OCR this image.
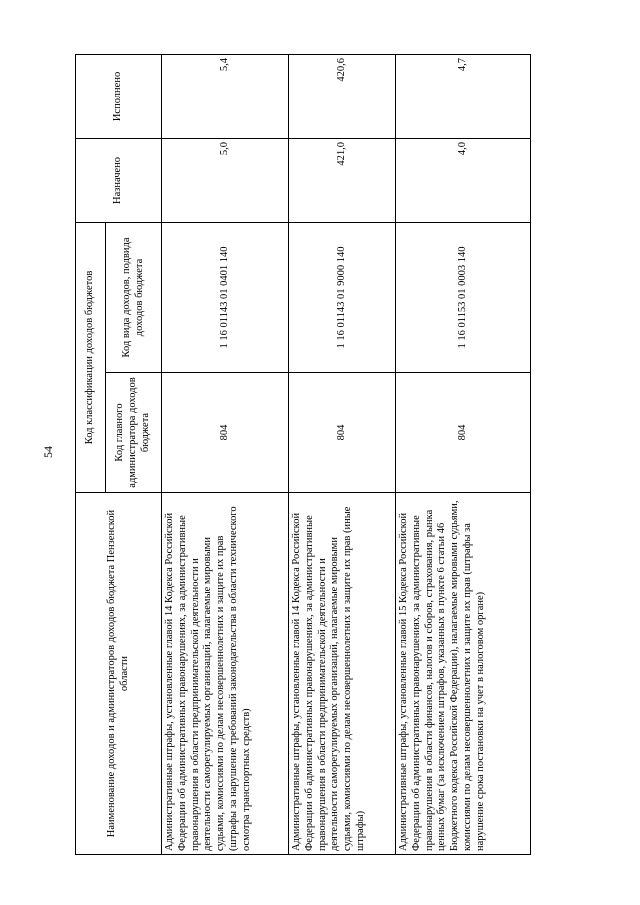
54
Наименование доходов и администраторов доходов бюджета Пензенской области	Код классификации доходов бюджетов		Назначено	Исполнено
	Код главного администратора доходов бюджета	Код вида доходов, подвида доходов бюджета		
Административные штрафы, установленные главой 14 Кодекса Российской Федерации об административных правонарушениях, за административные правонарушения в области предпринимательской деятельности и деятельности саморегулируемых организаций, налагаемые мировыми судьями, комиссиями по делам несовершеннолетних и защите их прав (штрафы за нарушение требований законодательства в области технического осмотра транспортных средств)	804	1 16 01143 01 0401 140	5,0	5,4
Административные штрафы, установленные главой 14 Кодекса Российской Федерации об административных правонарушениях, за административные правонарушения в области предпринимательской деятельности и деятельности саморегулируемых организаций, налагаемые мировыми судьями, комиссиями по делам несовершеннолетних и защите их прав (иные штрафы)	804	1 16 01143 01 9000 140	421,0	420,6
Административные штрафы, установленные главой 15 Кодекса Российской Федерации об административных правонарушениях, за административные правонарушения в области финансов, налогов и сборов, страхования, рынка ценных бумаг (за исключением штрафов, указанных в пункте 6 статьи 46 Бюджетного кодекса Российской Федерации), налагаемые мировыми судьями, комиссиями по делам несовершеннолетних и защите их прав (штрафы за нарушение срока постановки на учет в налоговом органе)	804	1 16 01153 01 0003 140	4,0	4,7
